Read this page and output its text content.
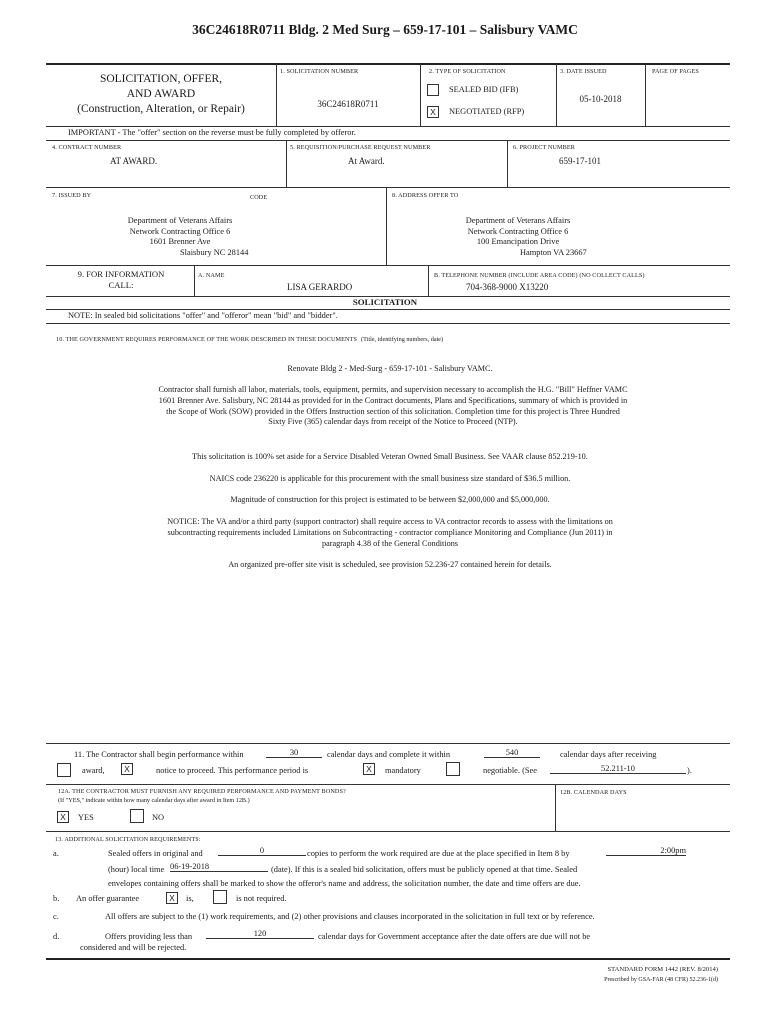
36C24618R0711 Bldg. 2 Med Surg – 659-17-101 – Salisbury VAMC
SOLICITATION, OFFER,
AND AWARD
(Construction, Alteration, or Repair)
1. SOLICITATION NUMBER
36C24618R0711
2. TYPE OF SOLICITATION
SEALED BID (IFB)
X	NEGOTIATED (RFP)
3. DATE ISSUED
05-10-2018
PAGE OF PAGES
IMPORTANT - The "offer" section on the reverse must be fully completed by offeror.
4. CONTRACT NUMBER
AT AWARD.
5. REQUISITION/PURCHASE REQUEST NUMBER
At Award.
6. PROJECT NUMBER
659-17-101
7. ISSUED BY	CODE
Department of Veterans Affairs
Network Contracting Office 6
1601 Brenner Ave
Slaisbury NC 28144
8. ADDRESS OFFER TO
Department of Veterans Affairs
Network Contracting Office 6
100 Emancipation Drive
Hampton VA 23667
9. FOR INFORMATION
CALL:
A. NAME
LISA GERARDO
B. TELEPHONE NUMBER (INCLUDE AREA CODE) (NO COLLECT CALLS)
704-368-9000 X13220
SOLICITATION
NOTE: In sealed bid solicitations "offer" and "offeror" mean "bid" and "bidder".
10. THE GOVERNMENT REQUIRES PERFORMANCE OF THE WORK DESCRIBED IN THESE DOCUMENTS (Title, identifying numbers, date)
Renovate Bldg 2 - Med-Surg - 659-17-101 - Salisbury VAMC.
Contractor shall furnish all labor, materials, tools, equipment, permits, and supervision necessary to accomplish the H.G. "Bill" Heffner VAMC 1601 Brenner Ave. Salisbury, NC 28144 as provided for in the Contract documents, Plans and Specifications, summary of which is provided in the Scope of Work (SOW) provided in the Offers Instruction section of this solicitation. Completion time for this project is Three Hundred Sixty Five (365) calendar days from receipt of the Notice to Proceed (NTP).
This solicitation is 100% set aside for a Service Disabled Veteran Owned Small Business. See VAAR clause 852.219-10.
NAICS code 236220 is applicable for this procurement with the small business size standard of $36.5 million.
Magnitude of construction for this project is estimated to be between $2,000,000 and $5,000,000.
NOTICE: The VA and/or a third party (support contractor) shall require access to VA contractor records to assess with the limitations on subcontracting requirements included Limitations on Subcontracting - contractor compliance Monitoring and Compliance (Jun 2011) in paragraph 4.38 of the General Conditions
An organized pre-offer site visit is scheduled, see provision 52.236-27 contained herein for details.
11. The Contractor shall begin performance within	30	calendar days and complete it within	540	calendar days after receiving
award,	X	notice to proceed. This performance period is	X	mandatory	negotiable. (See	52.211-10	).
12A. THE CONTRACTOR MUST FURNISH ANY REQUIRED PERFORMANCE AND PAYMENT BONDS?
(If "YES," indicate within how many calendar days after award in Item 12B.)
X	YES	NO
12B. CALENDAR DAYS
13. ADDITIONAL SOLICITATION REQUIREMENTS:
a.	Sealed offers in original and	0	copies to perform the work required are due at the place specified in Item 8 by	2:00pm
(hour) local time 06-19-2018	(date). If this is a sealed bid solicitation, offers must be publicly opened at that time. Sealed
envelopes containing offers shall be marked to show the offeror's name and address, the solicitation number, the date and time offers are due.
b. An offer guarantee	X	is,	is not required.
c.	All offers are subject to the (1) work requirements, and (2) other provisions and clauses incorporated in the solicitation in full text or by reference.
d.	Offers providing less than	120	calendar days for Government acceptance after the date offers are due will not be
considered and will be rejected.
STANDARD FORM 1442 (REV. 8/2014)
Prescribed by GSA-FAR (48 CFR) 52.236-1(d)
